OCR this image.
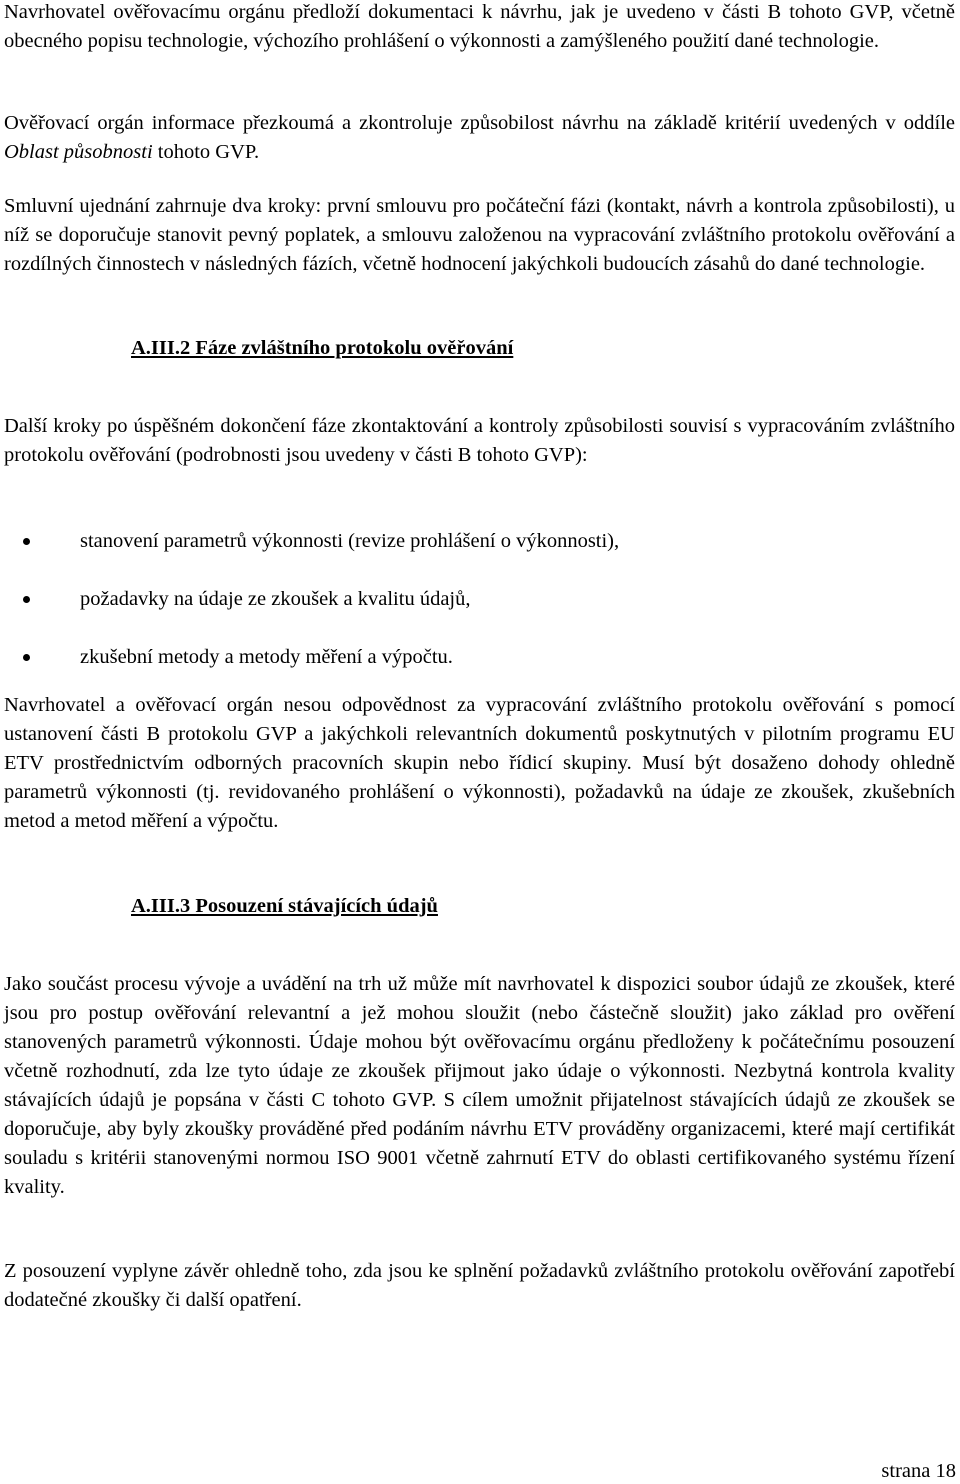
Navrhovatel ověřovacímu orgánu předloží dokumentaci k návrhu, jak je uvedeno v části B tohoto GVP, včetně obecného popisu technologie, výchozího prohlášení o výkonnosti a zamýšleného použití dané technologie.

Ověřovací orgán informace přezkoumá a zkontroluje způsobilost návrhu na základě kritérií uvedených v oddíle Oblast působnosti tohoto GVP.

Smluvní ujednání zahrnuje dva kroky: první smlouvu pro počáteční fázi (kontakt, návrh a kontrola způsobilosti), u níž se doporučuje stanovit pevný poplatek, a smlouvu založenou na vypracování zvláštního protokolu ověřování a rozdílných činnostech v následných fázích, včetně hodnocení jakýchkoli budoucích zásahů do dané technologie.

A.III.2 Fáze zvláštního protokolu ověřování

Další kroky po úspěšném dokončení fáze zkontaktování a kontroly způsobilosti souvisí s vypracováním zvláštního protokolu ověřování (podrobnosti jsou uvedeny v části B tohoto GVP):

stanovení parametrů výkonnosti (revize prohlášení o výkonnosti),
požadavky na údaje ze zkoušek a kvalitu údajů,
zkušební metody a metody měření a výpočtu.

Navrhovatel a ověřovací orgán nesou odpovědnost za vypracování zvláštního protokolu ověřování s pomocí ustanovení části B protokolu GVP a jakýchkoli relevantních dokumentů poskytnutých v pilotním programu EU ETV prostřednictvím odborných pracovních skupin nebo řídicí skupiny. Musí být dosaženo dohody ohledně parametrů výkonnosti (tj. revidovaného prohlášení o výkonnosti), požadavků na údaje ze zkoušek, zkušebních metod a metod měření a výpočtu.

A.III.3 Posouzení stávajících údajů

Jako součást procesu vývoje a uvádění na trh už může mít navrhovatel k dispozici soubor údajů ze zkoušek, které jsou pro postup ověřování relevantní a jež mohou sloužit (nebo částečně sloužit) jako základ pro ověření stanovených parametrů výkonnosti. Údaje mohou být ověřovacímu orgánu předloženy k počátečnímu posouzení včetně rozhodnutí, zda lze tyto údaje ze zkoušek přijmout jako údaje o výkonnosti. Nezbytná kontrola kvality stávajících údajů je popsána v části C tohoto GVP. S cílem umožnit přijatelnost stávajících údajů ze zkoušek se doporučuje, aby byly zkoušky prováděné před podáním návrhu ETV prováděny organizacemi, které mají certifikát souladu s kritérii stanovenými normou ISO 9001 včetně zahrnutí ETV do oblasti certifikovaného systému řízení kvality.

Z posouzení vyplyne závěr ohledně toho, zda jsou ke splnění požadavků zvláštního protokolu ověřování zapotřebí dodatečné zkoušky či další opatření.

strana 18
